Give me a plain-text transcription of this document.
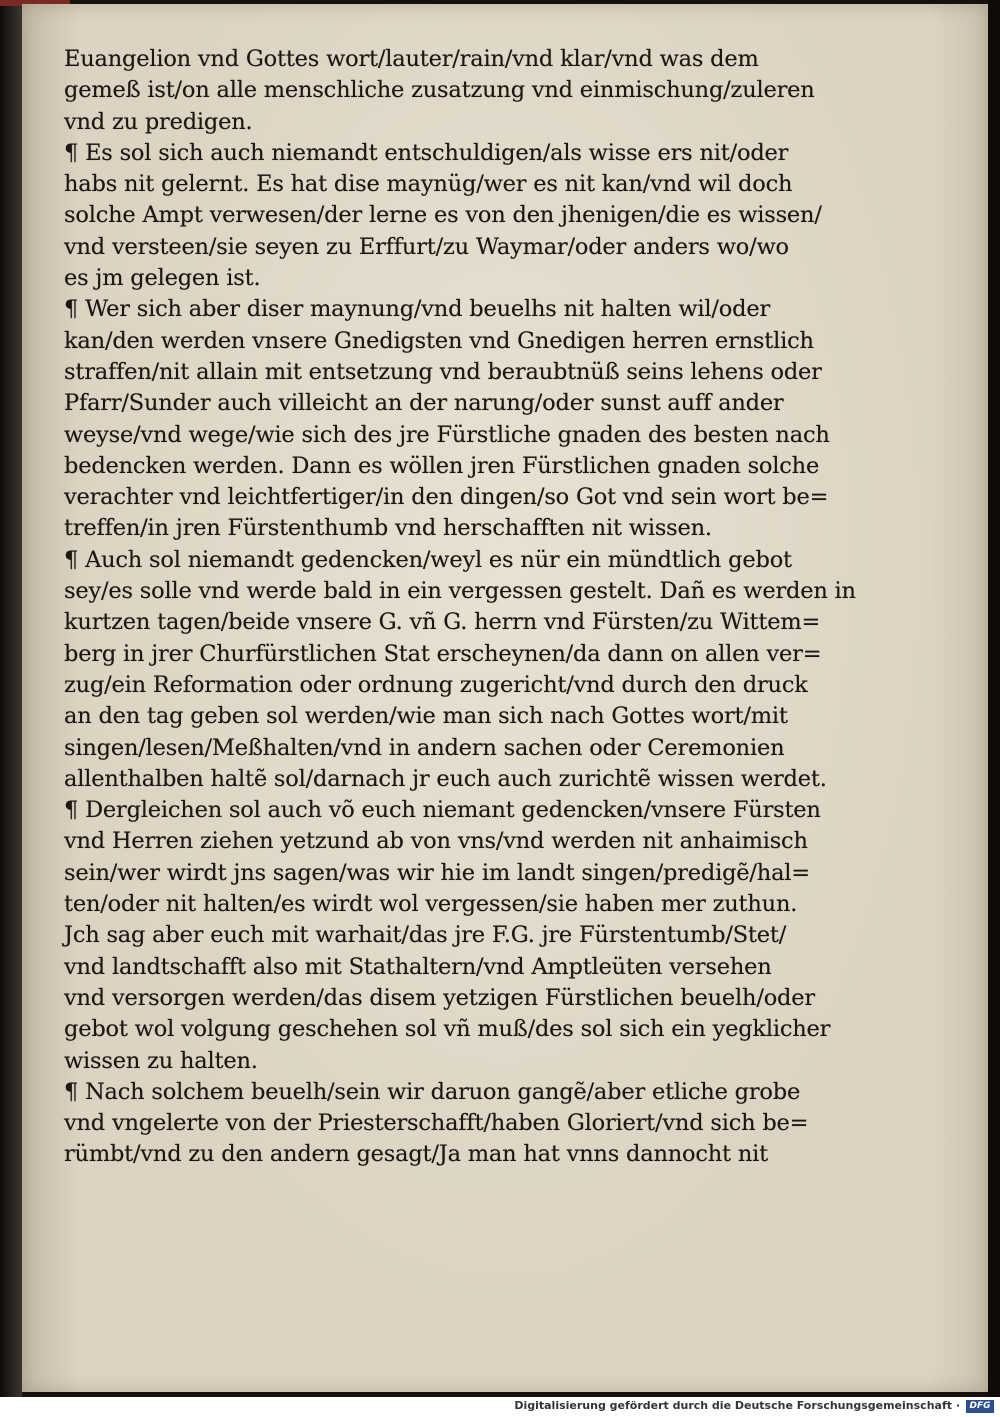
Euangelion vnd Gottes wort/lauter/rain/vnd klar/vnd was dem
gemeß ist/on alle menschliche zusatzung vnd einmischung/zuleren
vnd zu predigen.
¶ Es sol sich auch niemandt entschuldigen/als wisse ers nit/oder
habs nit gelernt. Es hat dise maynüg/wer es nit kan/vnd wil doch
solche Ampt verwesen/der lerne es von den jhenigen/die es wissen/
vnd versteen/sie seyen zu Erffurt/zu Waymar/oder anders wo/wo
es jm gelegen ist.
¶ Wer sich aber diser maynung/vnd beuelhs nit halten wil/oder
kan/den werden vnsere Gnedigsten vnd Gnedigen herren ernstlich
straffen/nit allain mit entsetzung vnd beraubtnüß seins lehens oder
Pfarr/Sunder auch villeicht an der narung/oder sunst auff ander
weyse/vnd wege/wie sich des jre Fürstliche gnaden des besten nach
bedencken werden. Dann es wöllen jren Fürstlichen gnaden solche
verachter vnd leichtfertiger/in den dingen/so Got vnd sein wort be=
treffen/in jren Fürstenthumb vnd herschafften nit wissen.
¶ Auch sol niemandt gedencken/weyl es nür ein mündtlich gebot
sey/es solle vnd werde bald in ein vergessen gestelt. Dañ es werden in
kurtzen tagen/beide vnsere G. vñ G. herrn vnd Fürsten/zu Wittem=
berg in jrer Churfürstlichen Stat erscheynen/da dann on allen ver=
zug/ein Reformation oder ordnung zugericht/vnd durch den druck
an den tag geben sol werden/wie man sich nach Gottes wort/mit
singen/lesen/Meßhalten/vnd in andern sachen oder Ceremonien
allenthalben haltẽ sol/darnach jr euch auch zurichtẽ wissen werdet.
¶ Dergleichen sol auch võ euch niemant gedencken/vnsere Fürsten
vnd Herren ziehen yetzund ab von vns/vnd werden nit anhaimisch
sein/wer wirdt jns sagen/was wir hie im landt singen/predigẽ/hal=
ten/oder nit halten/es wirdt wol vergessen/sie haben mer zuthun.
Jch sag aber euch mit warhait/das jre F.G. jre Fürstentumb/Stet/
vnd landtschafft also mit Stathaltern/vnd Amptleüten versehen
vnd versorgen werden/das disem yetzigen Fürstlichen beuelh/oder
gebot wol volgung geschehen sol vñ muß/des sol sich ein yegklicher
wissen zu halten.
¶ Nach solchem beuelh/sein wir daruon gangẽ/aber etliche grobe
vnd vngelerte von der Priesterschafft/haben Gloriert/vnd sich be=
rümbt/vnd zu den andern gesagt/Ja man hat vnns dannocht nit
Digitalisierung gefördert durch die Deutsche Forschungsgemeinschaft ·	DFG
